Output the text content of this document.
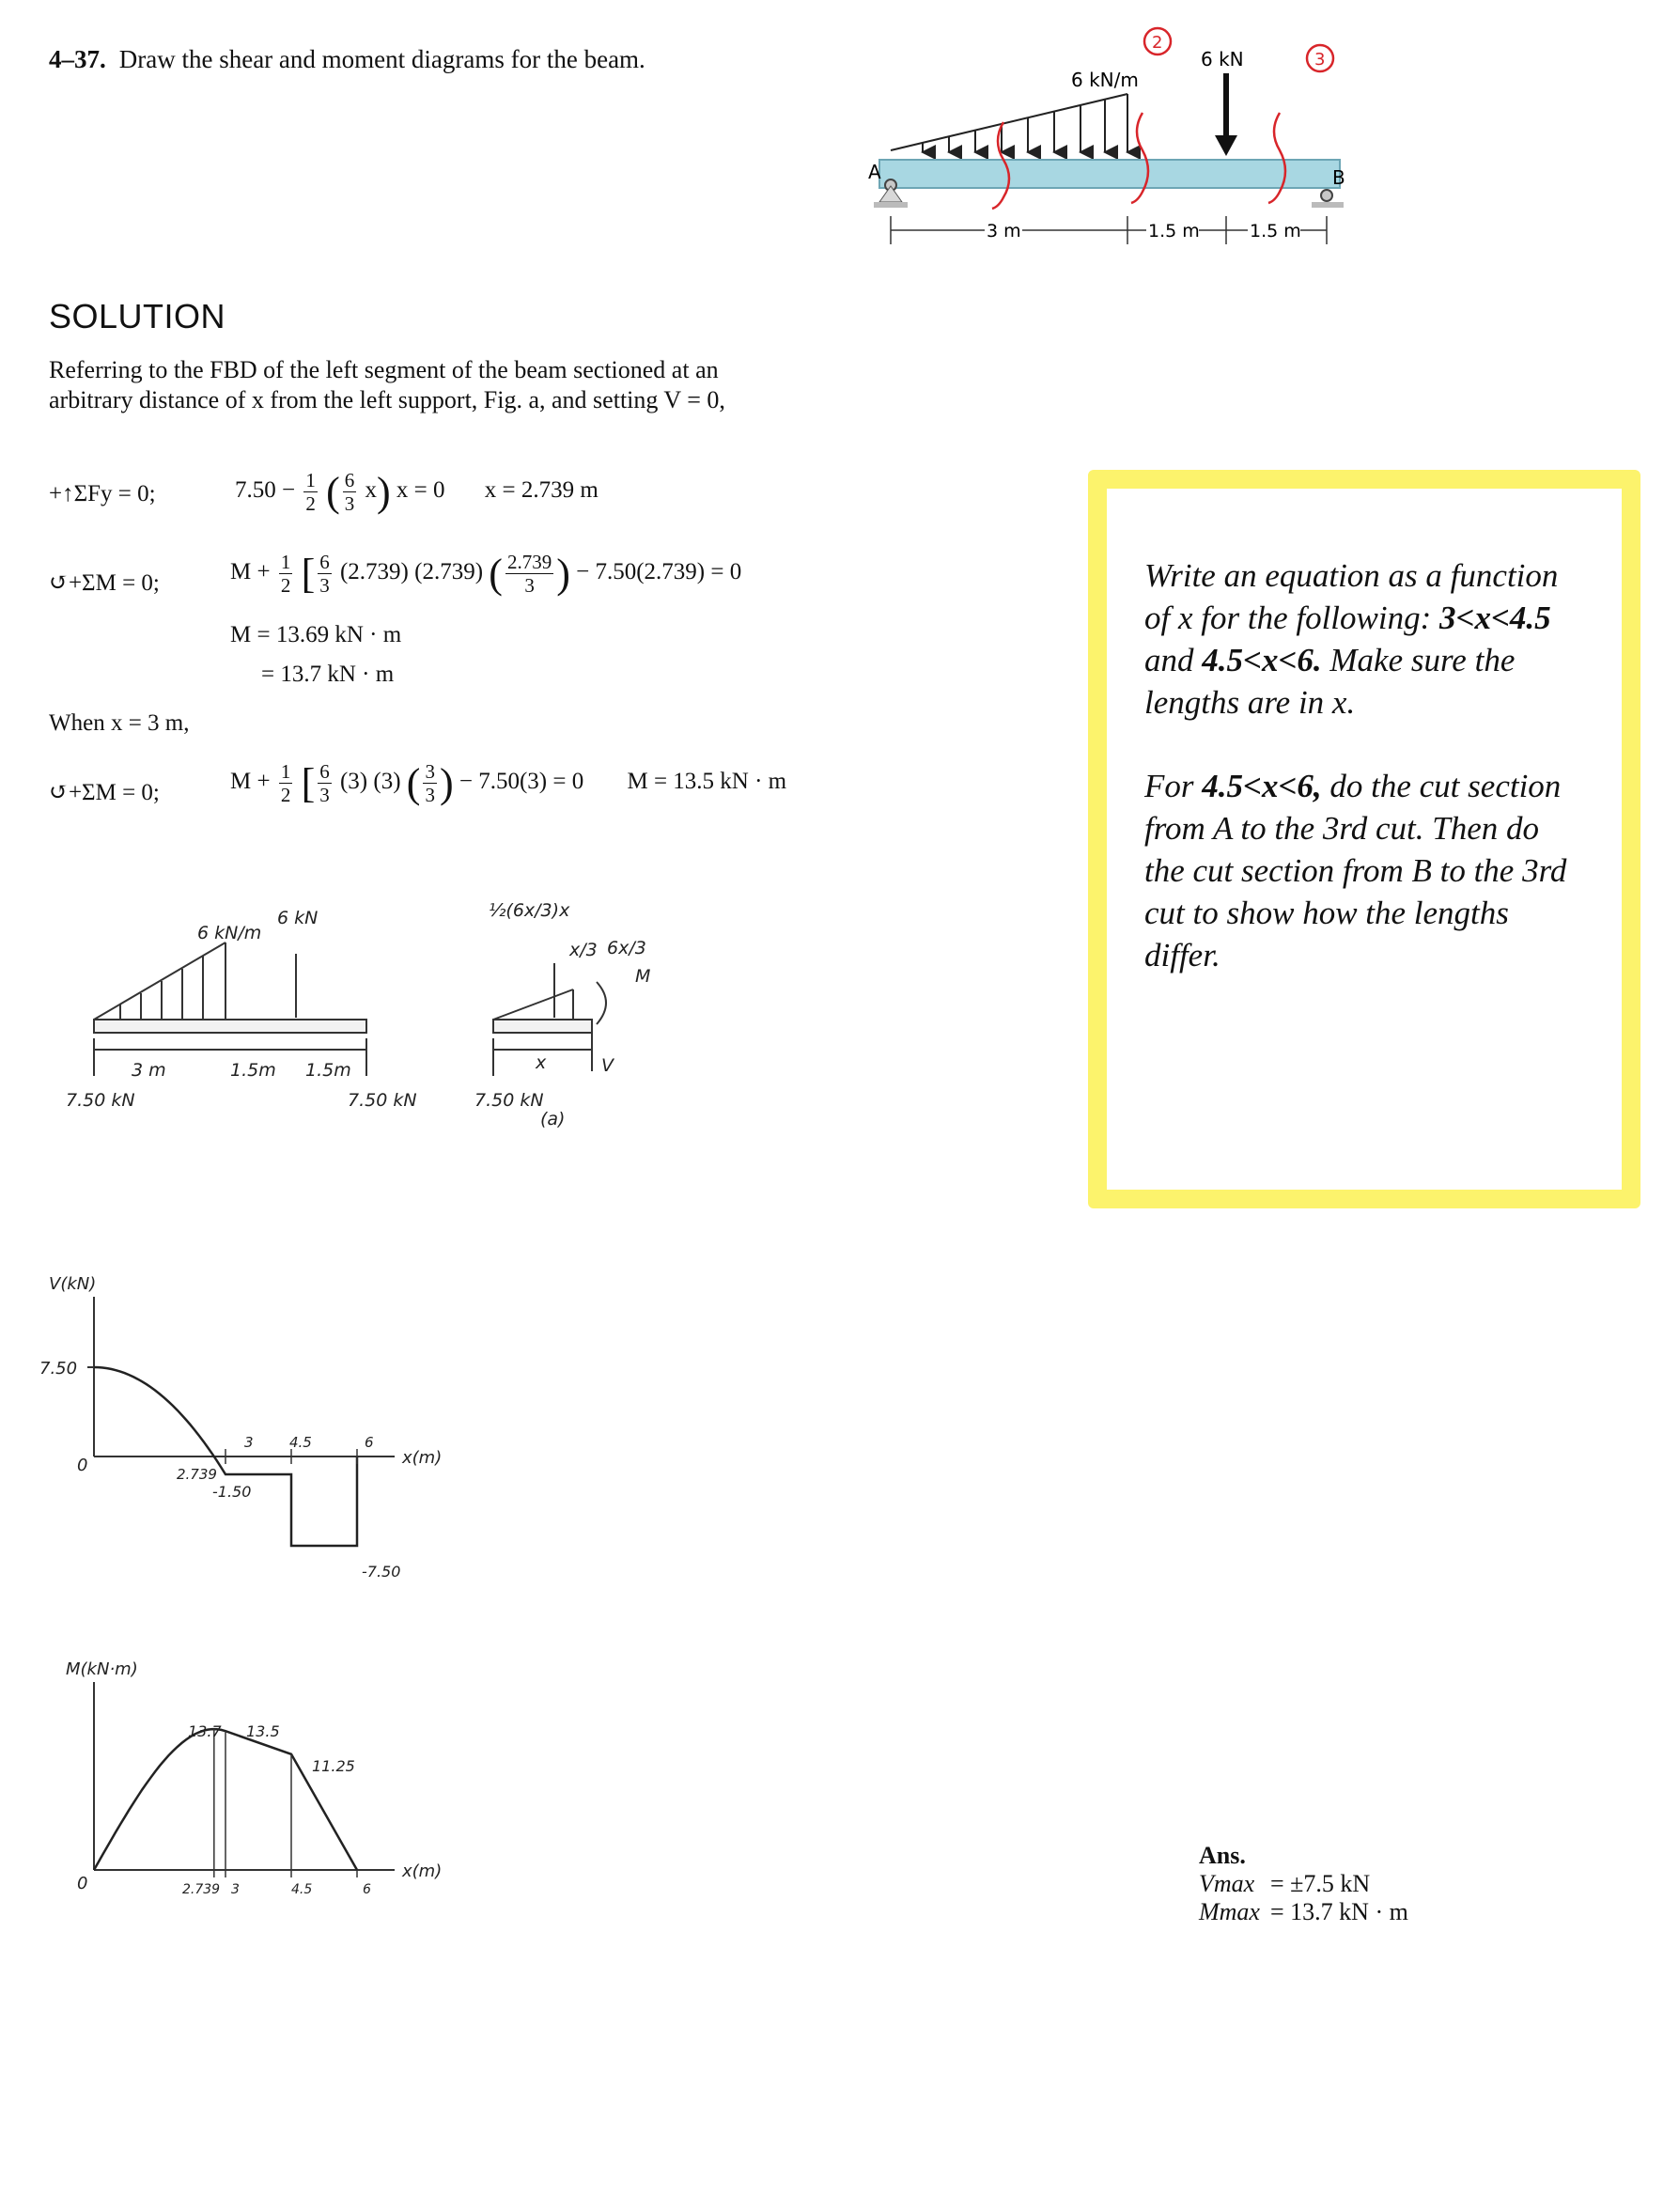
4–37. Draw the shear and moment diagrams for the beam.
6 kN/m
6 kN
A	B
3 m	1.5 m	1.5 m
2
3
SOLUTION
Referring to the FBD of the left segment of the beam sectioned at an arbitrary distance of x from the left support, Fig. a, and setting V = 0,
+↑ΣFy = 0;	$7.50 - \frac{1}{2}$ ( $\frac{6}{3} x$) x = 0 x = 2.739 m
↺+ΣM = 0;	$M + \frac{1}{2}$ [ $\frac{6}{3} (2.739)$ (2.739) ( $\frac{2.739}{3}$ ) − 7.50(2.739) = 0
M = 13.69 kN · m
= 13.7 kN · m
When x = 3 m,
↺+ΣM = 0;	$M + \frac{1}{2}$ [ $\frac{6}{3} (3)$ (3) ( $\frac{3}{3}$ ) − 7.50(3) = 0 M = 13.5 kN · m
6 kN/m
6 kN
3 m	1.5m 1.5m
7.50 kN	7.50 kN
½(6x/3)x
6x/3
x/3
M
V
x
7.50 kN
(a)
V(kN)
x(m)
0
7.50
2.739
-1.50
-7.50
3	4.5	6
M(kN·m)
x(m)
0
13.7 13.5
11.25
2.739 3	4.5	6
Write an equation as a function of x for the following: 3<x<4.5 and 4.5<x<6. Make sure the lengths are in x.
For 4.5<x<6, do the cut section from A to the 3rd cut. Then do the cut section from B to the 3rd cut to show how the lengths differ.
Ans.
Vmax = ±7.5 kN
Mmax = 13.7 kN · m
